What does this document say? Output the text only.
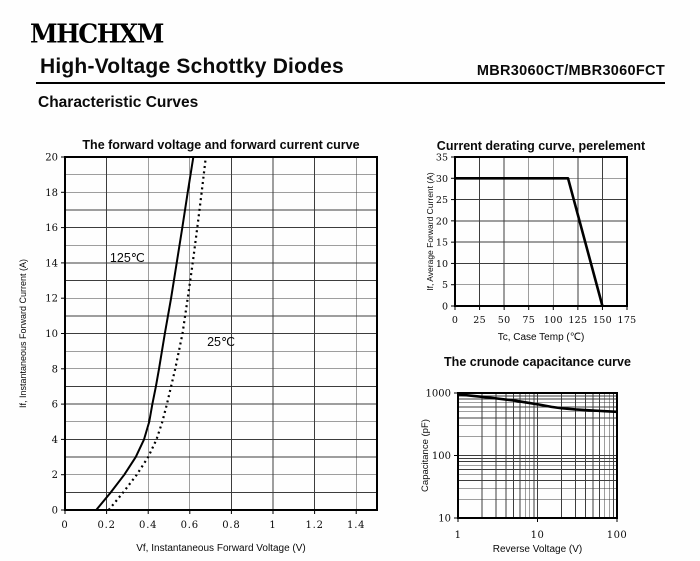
MHCHXM
High-Voltage Schottky Diodes	MBR3060CT/MBR3060FCT
Characteristic Curves
0	0.2 0.4 0.6 0.8	1	1.2 1.4
0
2
4
6
8
10
12
14
16
18
20
125℃
25℃
The forward voltage and forward current curve
Vf, Instantaneous Forward Voltage (V)
If, Instantaneous Forward Current (A)	0 25 50 75 100 125 150 175
0
5
10
15
20
25
30
35
Current derating curve, perelement
Tc, Case Temp (℃)
If, Average Forward Current (A)
1	10	100
10
100
1000
The crunode capacitance curve
Reverse Voltage (V)
Capacitance (pF)
